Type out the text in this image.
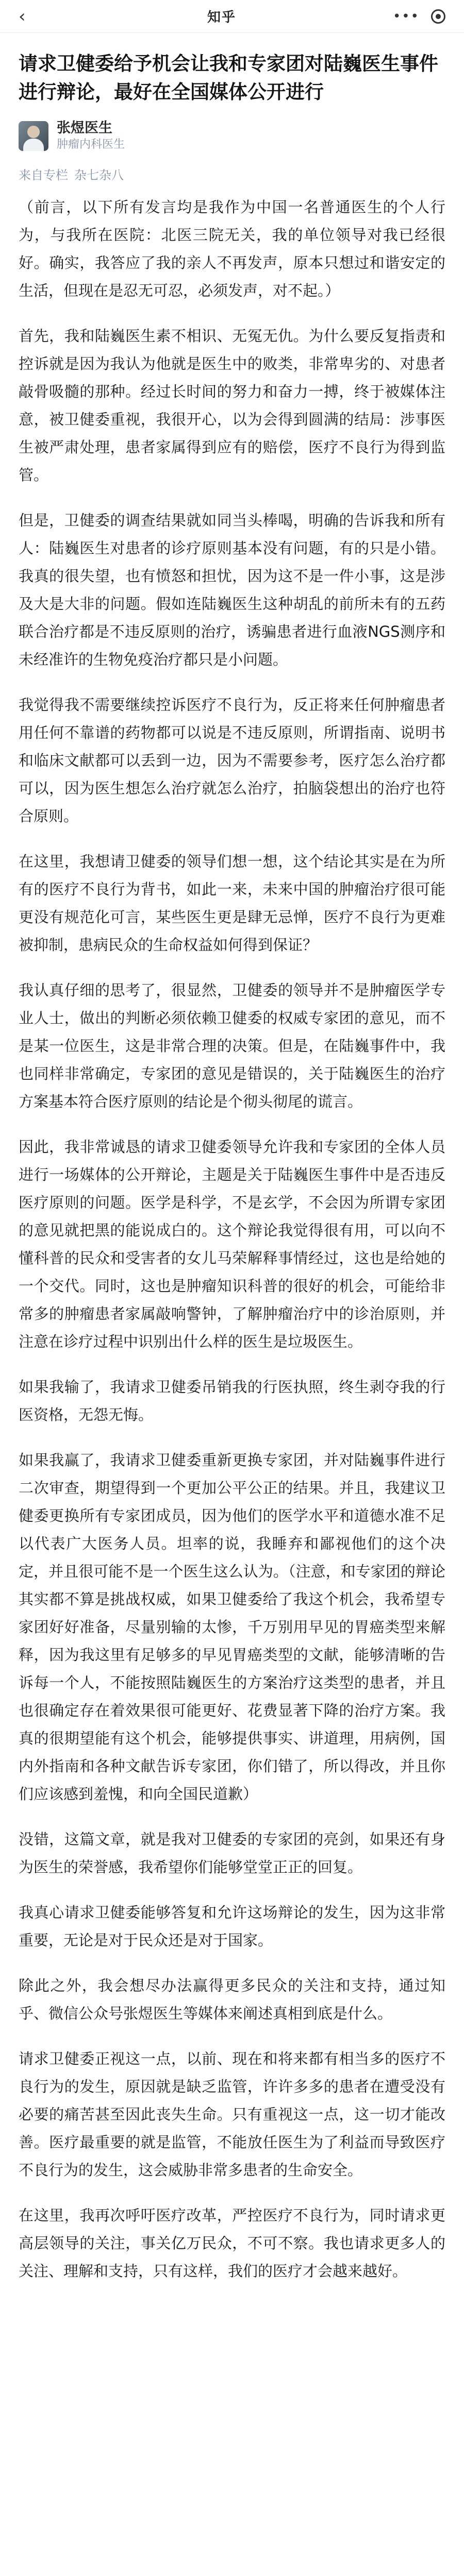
‹	知乎	•••
请求卫健委给予机会让我和专家团对陆巍医生事件进行辩论，最好在全国媒体公开进行
张煜医生
肿瘤内科医生
来自专栏 杂七杂八

（前言，以下所有发言均是我作为中国一名普通医生的个人行为，与我所在医院：北医三院无关，我的单位领导对我已经很好。确实，我答应了我的亲人不再发声，原本只想过和谐安定的生活，但现在是忍无可忍，必须发声，对不起。）

首先，我和陆巍医生素不相识、无冤无仇。为什么要反复指责和控诉就是因为我认为他就是医生中的败类，非常卑劣的、对患者敲骨吸髓的那种。经过长时间的努力和奋力一搏，终于被媒体注意，被卫健委重视，我很开心，以为会得到圆满的结局：涉事医生被严肃处理，患者家属得到应有的赔偿，医疗不良行为得到监管。

但是，卫健委的调查结果就如同当头棒喝，明确的告诉我和所有人：陆巍医生对患者的诊疗原则基本没有问题，有的只是小错。我真的很失望，也有愤怒和担忧，因为这不是一件小事，这是涉及大是大非的问题。假如连陆巍医生这种胡乱的前所未有的五药联合治疗都是不违反原则的治疗，诱骗患者进行血液NGS测序和未经准许的生物免疫治疗都只是小问题。

我觉得我不需要继续控诉医疗不良行为，反正将来任何肿瘤患者用任何不靠谱的药物都可以说是不违反原则，所谓指南、说明书和临床文献都可以丢到一边，因为不需要参考，医疗怎么治疗都可以，因为医生想怎么治疗就怎么治疗，拍脑袋想出的治疗也符合原则。

在这里，我想请卫健委的领导们想一想，这个结论其实是在为所有的医疗不良行为背书，如此一来，未来中国的肿瘤治疗很可能更没有规范化可言，某些医生更是肆无忌惮，医疗不良行为更难被抑制，患病民众的生命权益如何得到保证？

我认真仔细的思考了，很显然，卫健委的领导并不是肿瘤医学专业人士，做出的判断必须依赖卫健委的权威专家团的意见，而不是某一位医生，这是非常合理的决策。但是，在陆巍事件中，我也同样非常确定，专家团的意见是错误的，关于陆巍医生的治疗方案基本符合医疗原则的结论是个彻头彻尾的谎言。

因此，我非常诚恳的请求卫健委领导允许我和专家团的全体人员进行一场媒体的公开辩论，主题是关于陆巍医生事件中是否违反医疗原则的问题。医学是科学，不是玄学，不会因为所谓专家团的意见就把黑的能说成白的。这个辩论我觉得很有用，可以向不懂科普的民众和受害者的女儿马荣解释事情经过，这也是给她的一个交代。同时，这也是肿瘤知识科普的很好的机会，可能给非常多的肿瘤患者家属敲响警钟，了解肿瘤治疗中的诊治原则，并注意在诊疗过程中识别出什么样的医生是垃圾医生。

如果我输了，我请求卫健委吊销我的行医执照，终生剥夺我的行医资格，无怨无悔。

如果我赢了，我请求卫健委重新更换专家团，并对陆巍事件进行二次审查，期望得到一个更加公平公正的结果。并且，我建议卫健委更换所有专家团成员，因为他们的医学水平和道德水准不足以代表广大医务人员。坦率的说，我睡弃和鄙视他们的这个决定，并且很可能不是一个医生这么认为。（注意，和专家团的辩论其实都不算是挑战权威，如果卫健委给了我这个机会，我希望专家团好好准备，尽量别输的太惨，千万别用早见的胃癌类型来解释，因为我这里有足够多的早见胃癌类型的文献，能够清晰的告诉每一个人，不能按照陆巍医生的方案治疗这类型的患者，并且也很确定存在着效果很可能更好、花费显著下降的治疗方案。我真的很期望能有这个机会，能够提供事实、讲道理，用病例，国内外指南和各种文献告诉专家团，你们错了，所以得改，并且你们应该感到羞愧，和向全国民道歉）

没错，这篇文章，就是我对卫健委的专家团的亮剑，如果还有身为医生的荣誉感，我希望你们能够堂堂正正的回复。

我真心请求卫健委能够答复和允许这场辩论的发生，因为这非常重要，无论是对于民众还是对于国家。

除此之外，我会想尽办法赢得更多民众的关注和支持，通过知乎、微信公众号张煜医生等媒体来阐述真相到底是什么。

请求卫健委正视这一点，以前、现在和将来都有相当多的医疗不良行为的发生，原因就是缺乏监管，许许多多的患者在遭受没有必要的痛苦甚至因此丧失生命。只有重视这一点，这一切才能改善。医疗最重要的就是监管，不能放任医生为了利益而导致医疗不良行为的发生，这会威胁非常多患者的生命安全。

在这里，我再次呼吁医疗改革，严控医疗不良行为，同时请求更高层领导的关注，事关亿万民众，不可不察。我也请求更多人的关注、理解和支持，只有这样，我们的医疗才会越来越好。
